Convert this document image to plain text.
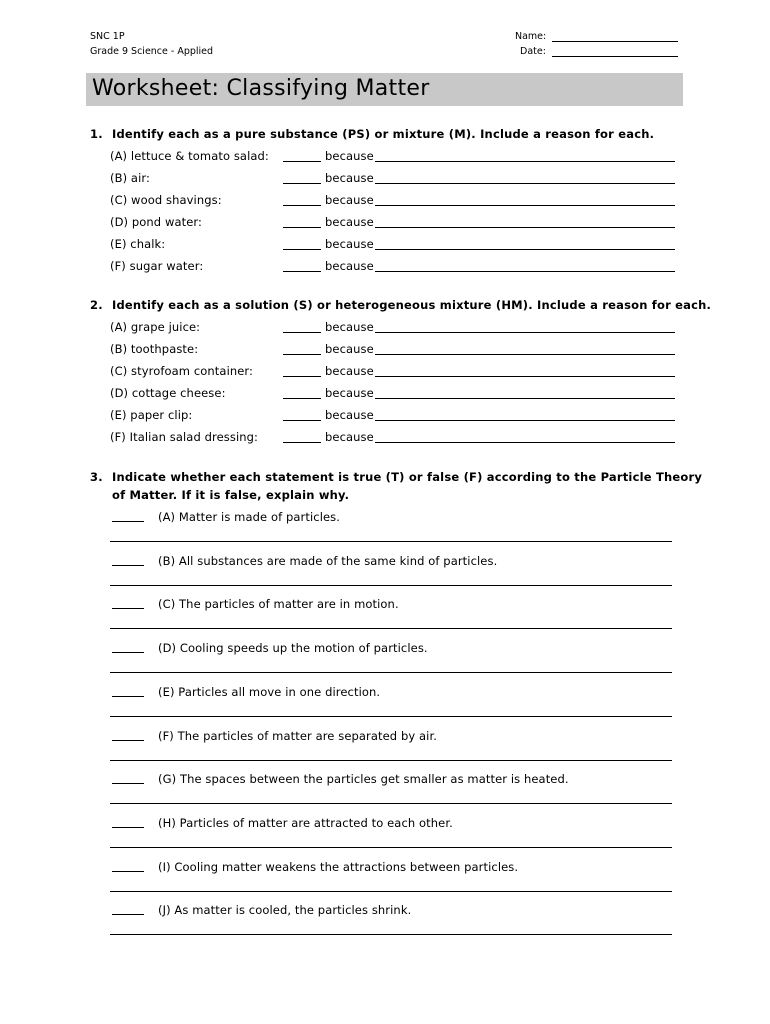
SNC 1P
Grade 9 Science - Applied
Name:
Date:
Worksheet: Classifying Matter
1. Identify each as a pure substance (PS) or mixture (M). Include a reason for each.
(A) lettuce & tomato salad:	because
(B) air:	because
(C) wood shavings:	because
(D) pond water:	because
(E) chalk:	because
(F) sugar water:	because
2. Identify each as a solution (S) or heterogeneous mixture (HM). Include a reason for each.
(A) grape juice:	because
(B) toothpaste:	because
(C) styrofoam container:	because
(D) cottage cheese:	because
(E) paper clip:	because
(F) Italian salad dressing:	because
3. Indicate whether each statement is true (T) or false (F) according to the Particle Theory
of Matter. If it is false, explain why.
(A) Matter is made of particles.
(B) All substances are made of the same kind of particles.
(C) The particles of matter are in motion.
(D) Cooling speeds up the motion of particles.
(E) Particles all move in one direction.
(F) The particles of matter are separated by air.
(G) The spaces between the particles get smaller as matter is heated.
(H) Particles of matter are attracted to each other.
(I) Cooling matter weakens the attractions between particles.
(J) As matter is cooled, the particles shrink.
